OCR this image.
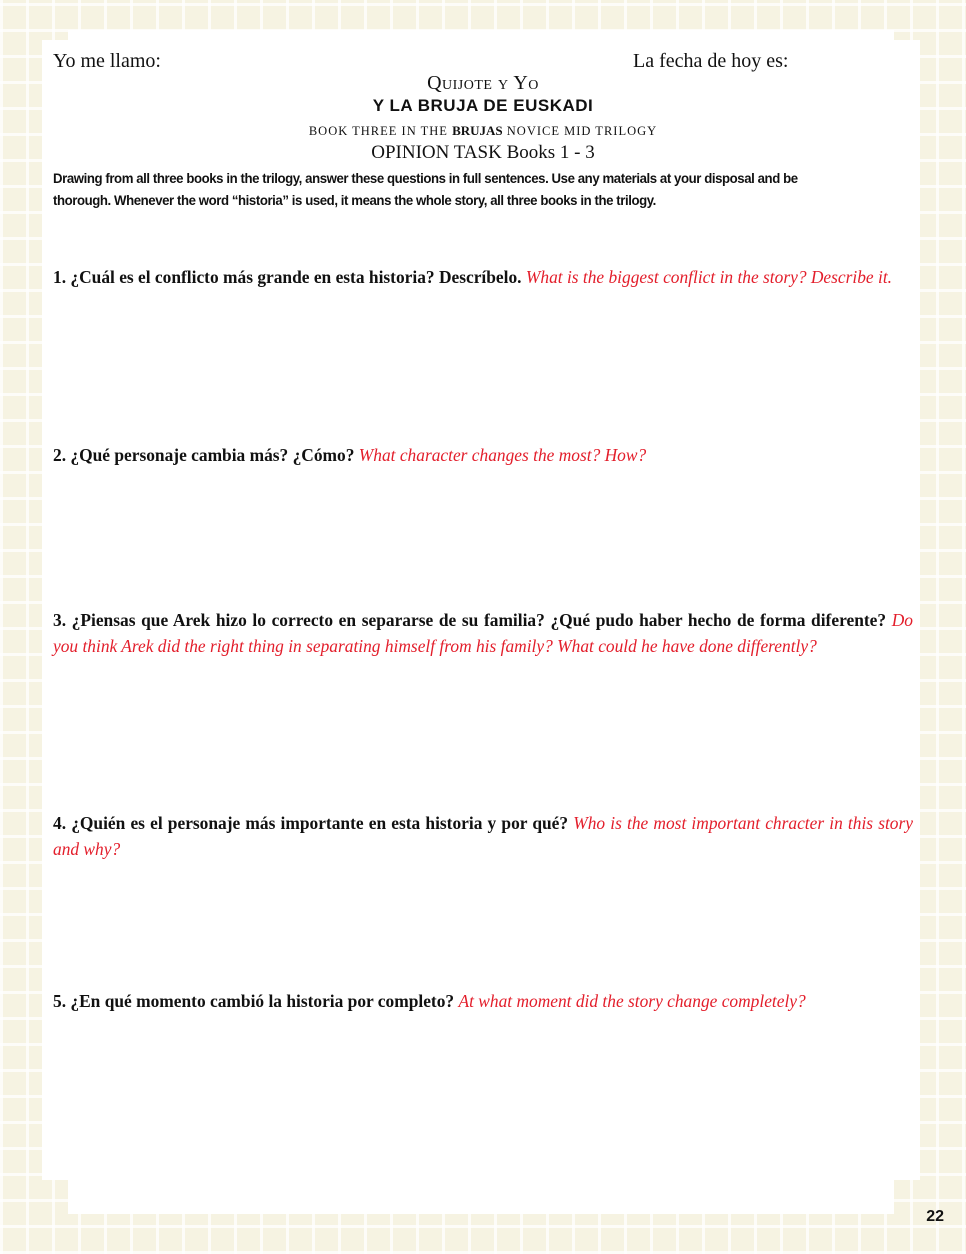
Yo me llamo:	La fecha de hoy es:
Quijote y Yo
Y LA BRUJA DE EUSKADI
BOOK THREE IN THE BRUJAS NOVICE MID TRILOGY
OPINION TASK Books 1 - 3
Drawing from all three books in the trilogy, answer these questions in full sentences. Use any materials at your disposal and be thorough. Whenever the word “historia” is used, it means the whole story, all three books in the trilogy.
1. ¿Cuál es el conflicto más grande en esta historia? Descríbelo. What is the biggest conflict in the story? Describe it.
2. ¿Qué personaje cambia más? ¿Cómo? What character changes the most? How?
3. ¿Piensas que Arek hizo lo correcto en separarse de su familia? ¿Qué pudo haber hecho de forma diferente? Do you think Arek did the right thing in separating himself from his family? What could he have done differently?
4. ¿Quién es el personaje más importante en esta historia y por qué? Who is the most important chracter in this story and why?
5. ¿En qué momento cambió la historia por completo? At what moment did the story change completely?
22
